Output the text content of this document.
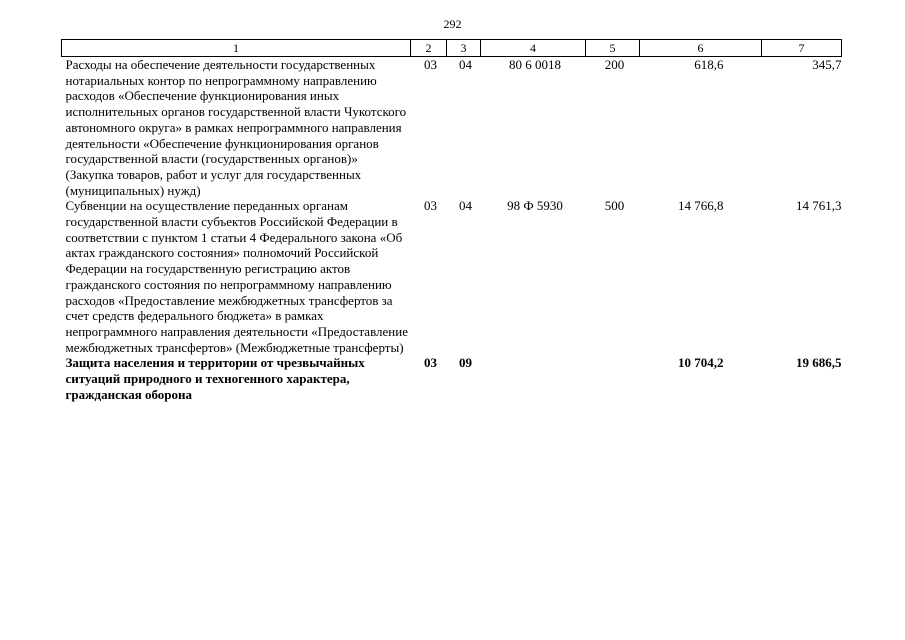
292
1	2	3	4	5	6	7
Расходы на обеспечение деятельности государственных нотариальных контор по непрограммному направлению расходов «Обеспечение функционирования иных исполнительных органов государственной власти Чукотского автономного округа» в рамках непрограммного направления деятельности «Обеспечение функционирования органов государственной власти (государственных органов)» (Закупка товаров, работ и услуг для государственных (муниципальных) нужд)	03	04	80 6 0018	200	618,6	345,7
Субвенции на осуществление переданных органам государственной власти субъектов Российской Федерации в соответствии с пунктом 1 статьи 4 Федерального закона «Об актах гражданского состояния» полномочий Российской Федерации на государственную регистрацию актов гражданского состояния по непрограммному направлению расходов «Предоставление межбюджетных трансфертов за счет средств федерального бюджета» в рамках непрограммного направления деятельности «Предоставление межбюджетных трансфертов» (Межбюджетные трансферты)	03	04	98 Ф 5930	500	14 766,8	14 761,3
Защита населения и территории от чрезвычайных ситуаций природного и техногенного характера, гражданская оборона	03	09			10 704,2	19 686,5
